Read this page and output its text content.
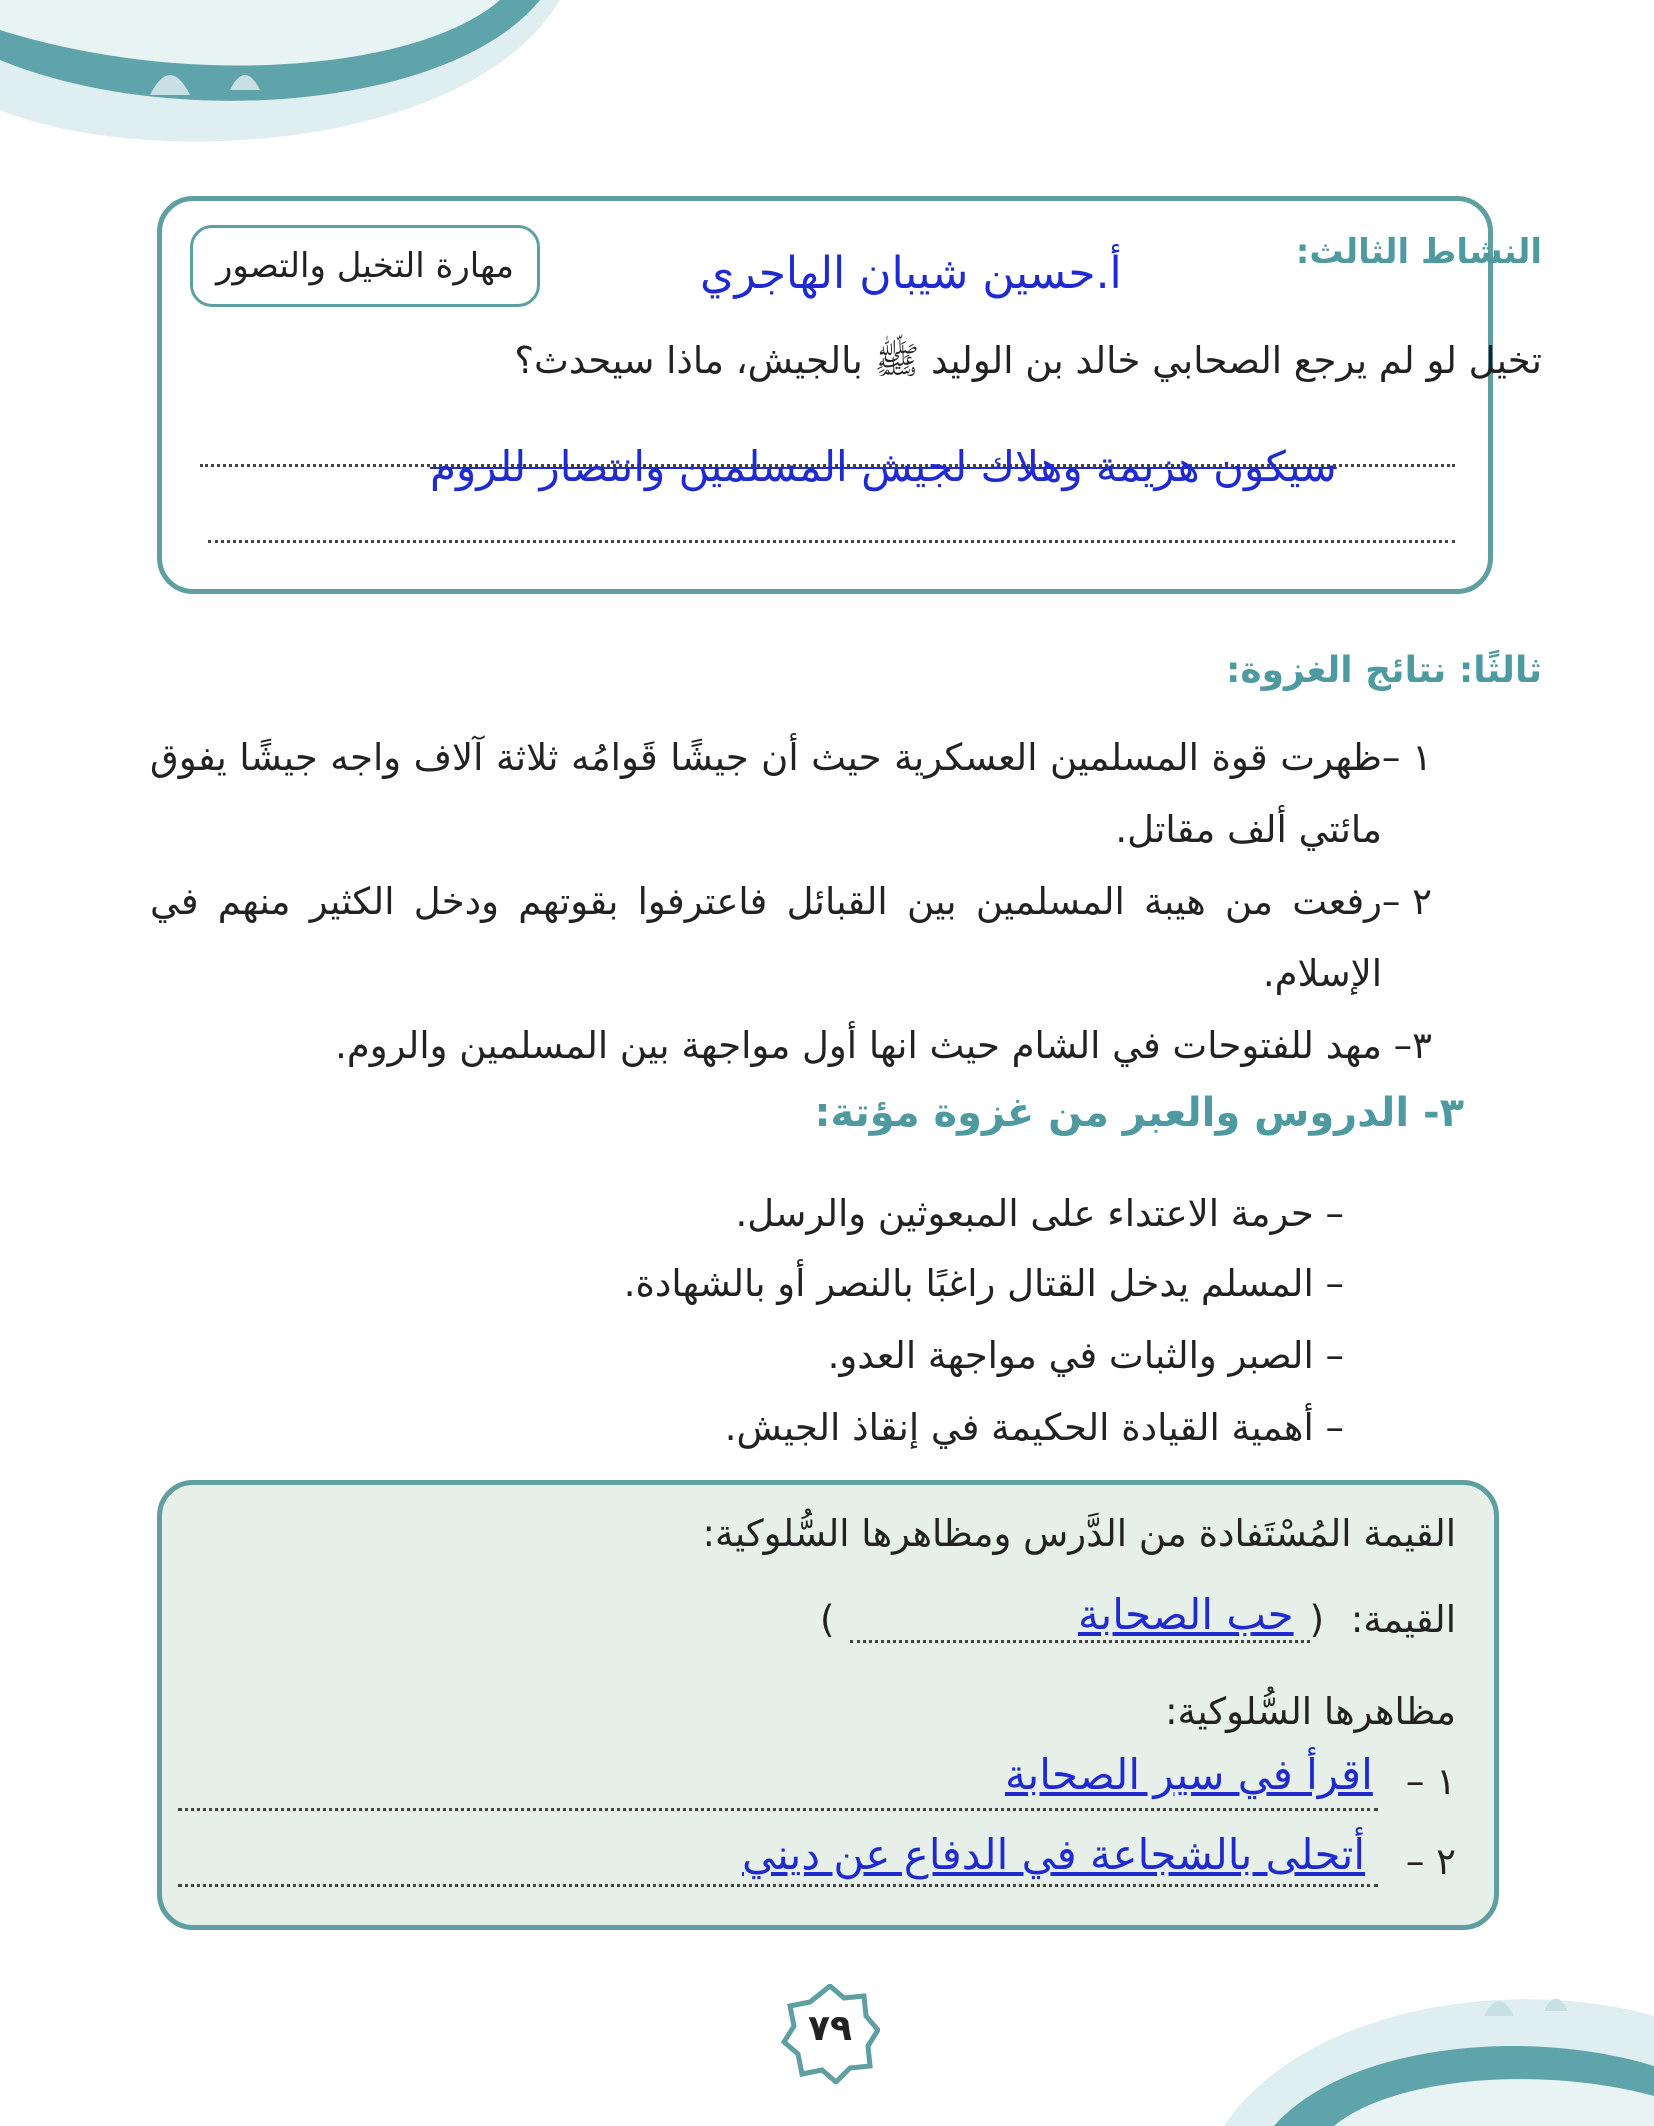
النشاط الثالث:
مهارة التخيل والتصور	أ.حسين شيبان الهاجري
تخيل لو لم يرجع الصحابي خالد بن الوليد ﷺ بالجيش، ماذا سيحدث؟
سيكون هزيمة وهلاك لجيش المسلمين وانتصار للروم
ثالثًا: نتائج الغزوة:
١ –
ظهرت قوة المسلمين العسكرية حيث أن جيشًا قَوامُه ثلاثة آلاف واجه جيشًا يفوق مائتي ألف مقاتل.
٢ –
رفعت من هيبة المسلمين بين القبائل فاعترفوا بقوتهم ودخل الكثير منهم في الإسلام.
٣–
مهد للفتوحات في الشام حيث انها أول مواجهة بين المسلمين والروم.
٣- الدروس والعبر من غزوة مؤتة:
– حرمة الاعتداء على المبعوثين والرسل.
– المسلم يدخل القتال راغبًا بالنصر أو بالشهادة.
– الصبر والثبات في مواجهة العدو.
– أهمية القيادة الحكيمة في إنقاذ الجيش.
القيمة المُسْتَفادة من الدَّرس ومظاهرها السُّلوكية:
القيمة:
(
حب الصحابة
)
مظاهرها السُّلوكية:
١ –
اقرأ في سير الصحابة
٢ –
أتحلى بالشجاعة في الدفاع عن ديني
٧٩
